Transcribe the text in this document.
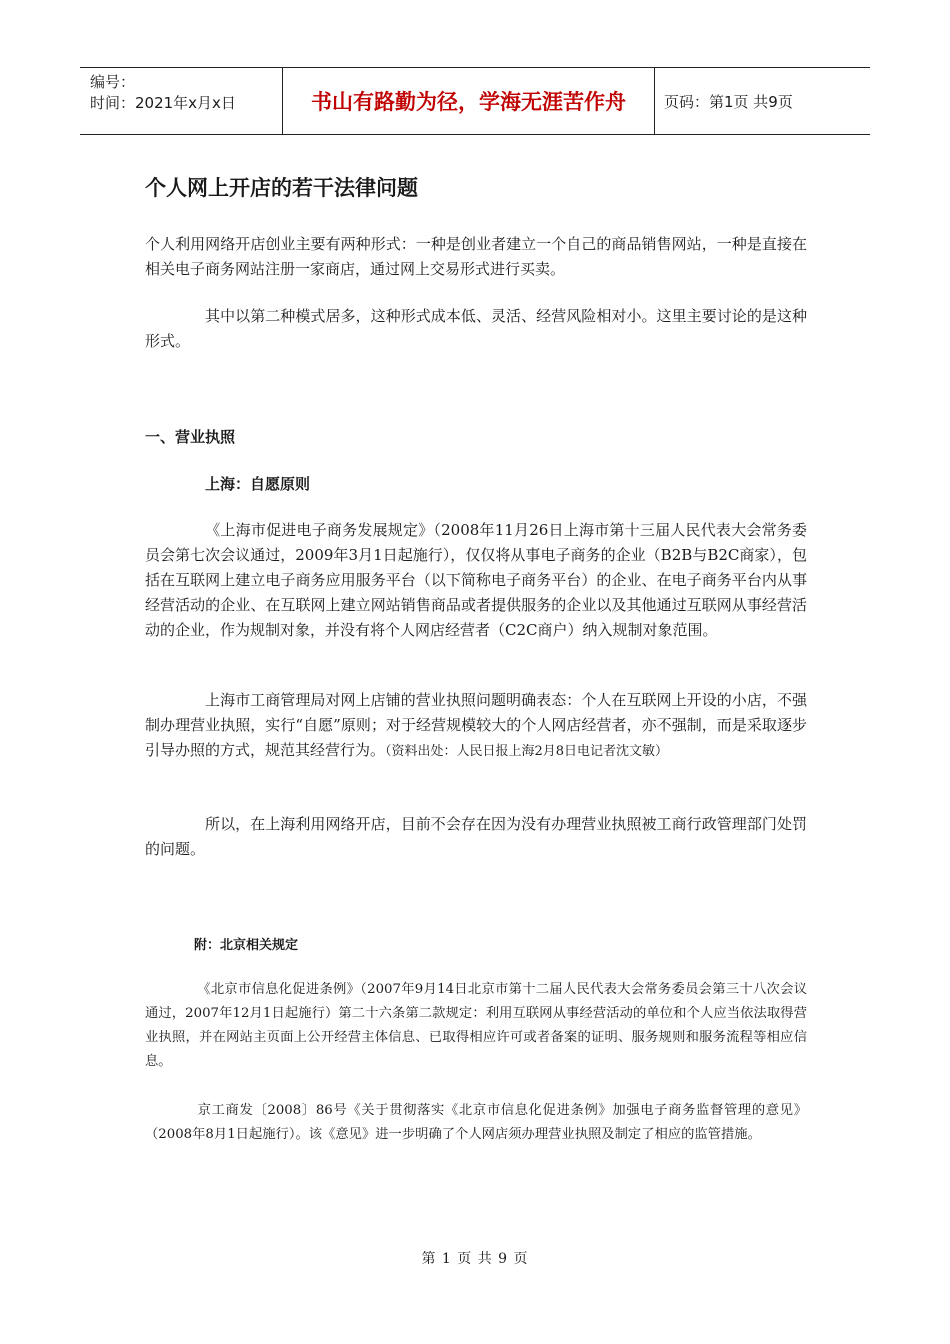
编号：
时间：2021年x月x日	书山有路勤为径，学海无涯苦作舟	页码：第1页 共9页
个人网上开店的若干法律问题

个人利用网络开店创业主要有两种形式：一种是创业者建立一个自己的商品销售网站，一种是直接在相关电子商务网站注册一家商店，通过网上交易形式进行买卖。

其中以第二种模式居多，这种形式成本低、灵活、经营风险相对小。这里主要讨论的是这种形式。

一、营业执照
上海：自愿原则

《上海市促进电子商务发展规定》（2008年11月26日上海市第十三届人民代表大会常务委员会第七次会议通过，2009年3月1日起施行），仅仅将从事电子商务的企业（B2B与B2C商家），包括在互联网上建立电子商务应用服务平台（以下简称电子商务平台）的企业、在电子商务平台内从事经营活动的企业、在互联网上建立网站销售商品或者提供服务的企业以及其他通过互联网从事经营活动的企业，作为规制对象，并没有将个人网店经营者（C2C商户）纳入规制对象范围。

上海市工商管理局对网上店铺的营业执照问题明确表态：个人在互联网上开设的小店，不强制办理营业执照，实行“自愿”原则；对于经营规模较大的个人网店经营者，亦不强制，而是采取逐步引导办照的方式，规范其经营行为。（资料出处：人民日报上海2月8日电记者沈文敏）

所以，在上海利用网络开店，目前不会存在因为没有办理营业执照被工商行政管理部门处罚的问题。

附：北京相关规定

《北京市信息化促进条例》（2007年9月14日北京市第十二届人民代表大会常务委员会第三十八次会议通过，2007年12月1日起施行）第二十六条第二款规定：利用互联网从事经营活动的单位和个人应当依法取得营业执照，并在网站主页面上公开经营主体信息、已取得相应许可或者备案的证明、服务规则和服务流程等相应信息。

京工商发〔2008〕86号《关于贯彻落实《北京市信息化促进条例》加强电子商务监督管理的意见》（2008年8月1日起施行）。该《意见》进一步明确了个人网店须办理营业执照及制定了相应的监管措施。

第 1 页 共 9 页
